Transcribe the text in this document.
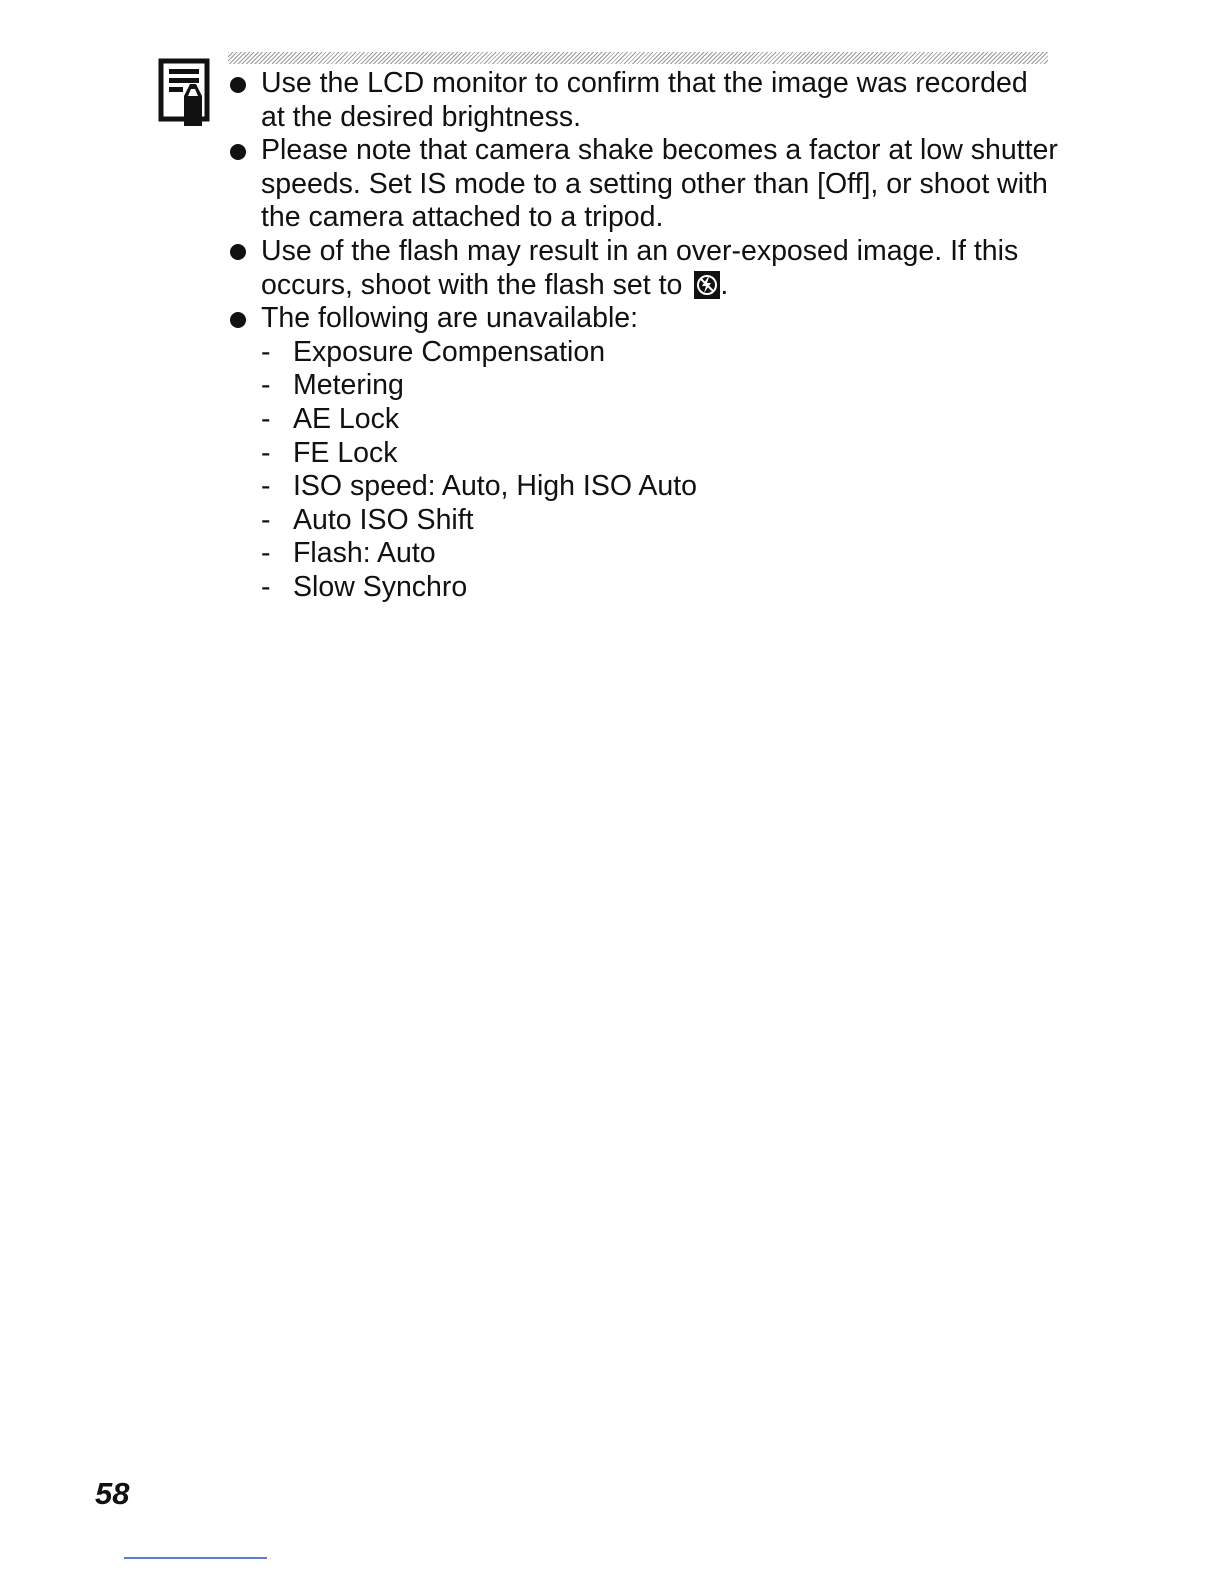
Use the LCD monitor to confirm that the image was recorded at the desired brightness.
Please note that camera shake becomes a factor at low shutter speeds. Set IS mode to a setting other than [Off], or shoot with the camera attached to a tripod.
Use of the flash may result in an over-exposed image. If this occurs, shoot with the flash set to .
The following are unavailable:
- Exposure Compensation
- Metering
- AE Lock
- FE Lock
- ISO speed: Auto, High ISO Auto
- Auto ISO Shift
- Flash: Auto
- Slow Synchro
58
